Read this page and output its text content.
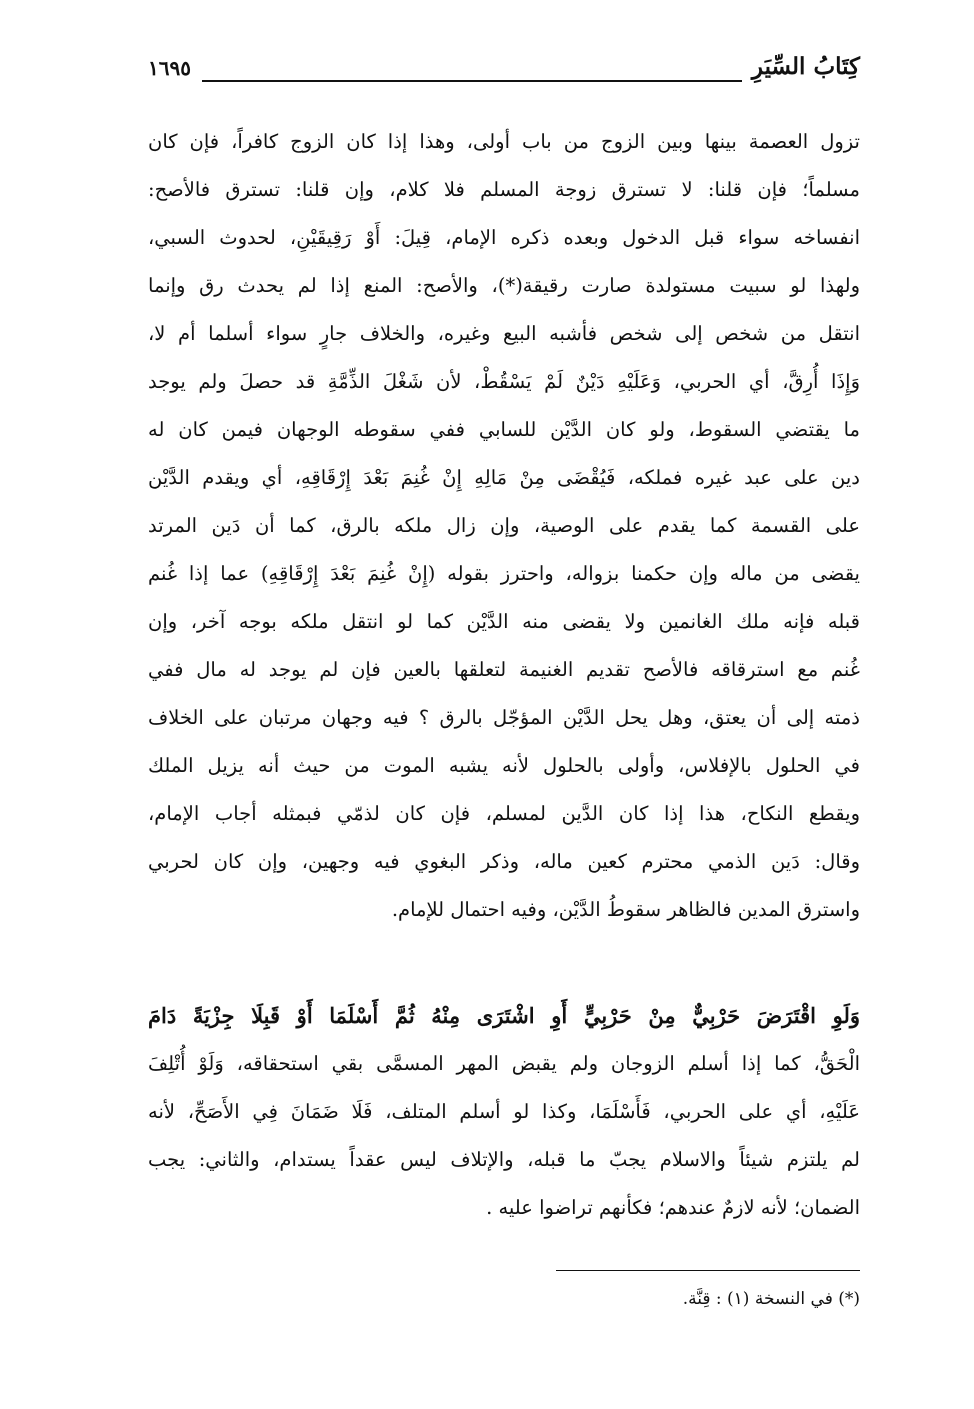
كِتَابُ السِّيَرِ
١٦٩٥
تزول العصمة بينها وبين الزوج من باب أولى، وهذا إذا كان الزوج كافراً، فإن كان
مسلماً؛ فإن قلنا: لا تسترق زوجة المسلم فلا كلام، وإن قلنا: تسترق فالأصح:
انفساخه سواء قبل الدخول وبعده ذكره الإمام، قِيلَ: أَوْ رَقِيقَيْنِ، لحدوث السبي،
ولهذا لو سبيت مستولدة صارت رقيقة(*)، والأصح: المنع إذا لم يحدث رق وإنما
انتقل من شخص إلى شخص فأشبه البيع وغيره، والخلاف جارٍ سواء أسلما أم لا،
وَإِذَا أُرِقَّ، أي الحربي، وَعَلَيْهِ دَيْنٌ لَمْ يَسْقُطْ، لأن شَغْلَ الذِّمَّةِ قد حصلَ ولم يوجد
ما يقتضي السقوط، ولو كان الدَّيْن للسابي ففي سقوطه الوجهان فيمن كان له
دين على عبد غيره فملكه، فَيُقْضَى مِنْ مَالِهِ إِنْ غُنِمَ بَعْدَ إِرْقَاقِهِ، أي ويقدم الدَّيْن
على القسمة كما يقدم على الوصية، وإن زال ملكه بالرق، كما أن دَين المرتد
يقضى من ماله وإن حكمنا بزواله، واحترز بقوله (إِنْ غُنِمَ بَعْدَ إِرْقَاقِهِ) عما إذا غُنم
قبله فإنه ملك الغانمين ولا يقضى منه الدَّيْن كما لو انتقل ملكه بوجه آخر، وإن
غُنم مع استرقاقه فالأصح تقديم الغنيمة لتعلقها بالعين فإن لم يوجد له مال ففي
ذمته إلى أن يعتق، وهل يحل الدَّيْن المؤجّل بالرق ؟ فيه وجهان مرتبان على الخلاف
في الحلول بالإفلاس، وأولى بالحلول لأنه يشبه الموت من حيث أنه يزيل الملك
ويقطع النكاح، هذا إذا كان الدَّين لمسلم، فإن كان لذمّي فبمثله أجاب الإمام،
وقال: دَين الذمي محترم كعين ماله، وذكر البغوي فيه وجهين، وإن كان لحربي
واسترق المدين فالظاهر سقوطُ الدَّيْن، وفيه احتمال للإمام.
وَلَوِ اقْتَرَضَ حَرْبِيٌّ مِنْ حَرْبِيٍّ أَوِ اشْتَرَى مِنْهُ ثُمَّ أَسْلَمَا أَوْ قَبِلَا جِزْيَةً دَامَ
الْحَقُّ، كما إذا أسلم الزوجان ولم يقبض المهر المسمَّى بقي استحقاقه، وَلَوْ أُتْلِفَ
عَلَيْهِ، أي على الحربي، فَأَسْلَمَا، وكذا لو أسلم المتلف، فَلَا ضَمَانَ فِي الأَصَحِّ، لأنه
لم يلتزم شيئاً والاسلام يجبّ ما قبله، والإتلاف ليس عقداً يستدام، والثاني: يجب
الضمان؛ لأنه لازمٌ عندهم؛ فكأنهم تراضوا عليه .
(*) في النسخة (١) : قِنَّة.
